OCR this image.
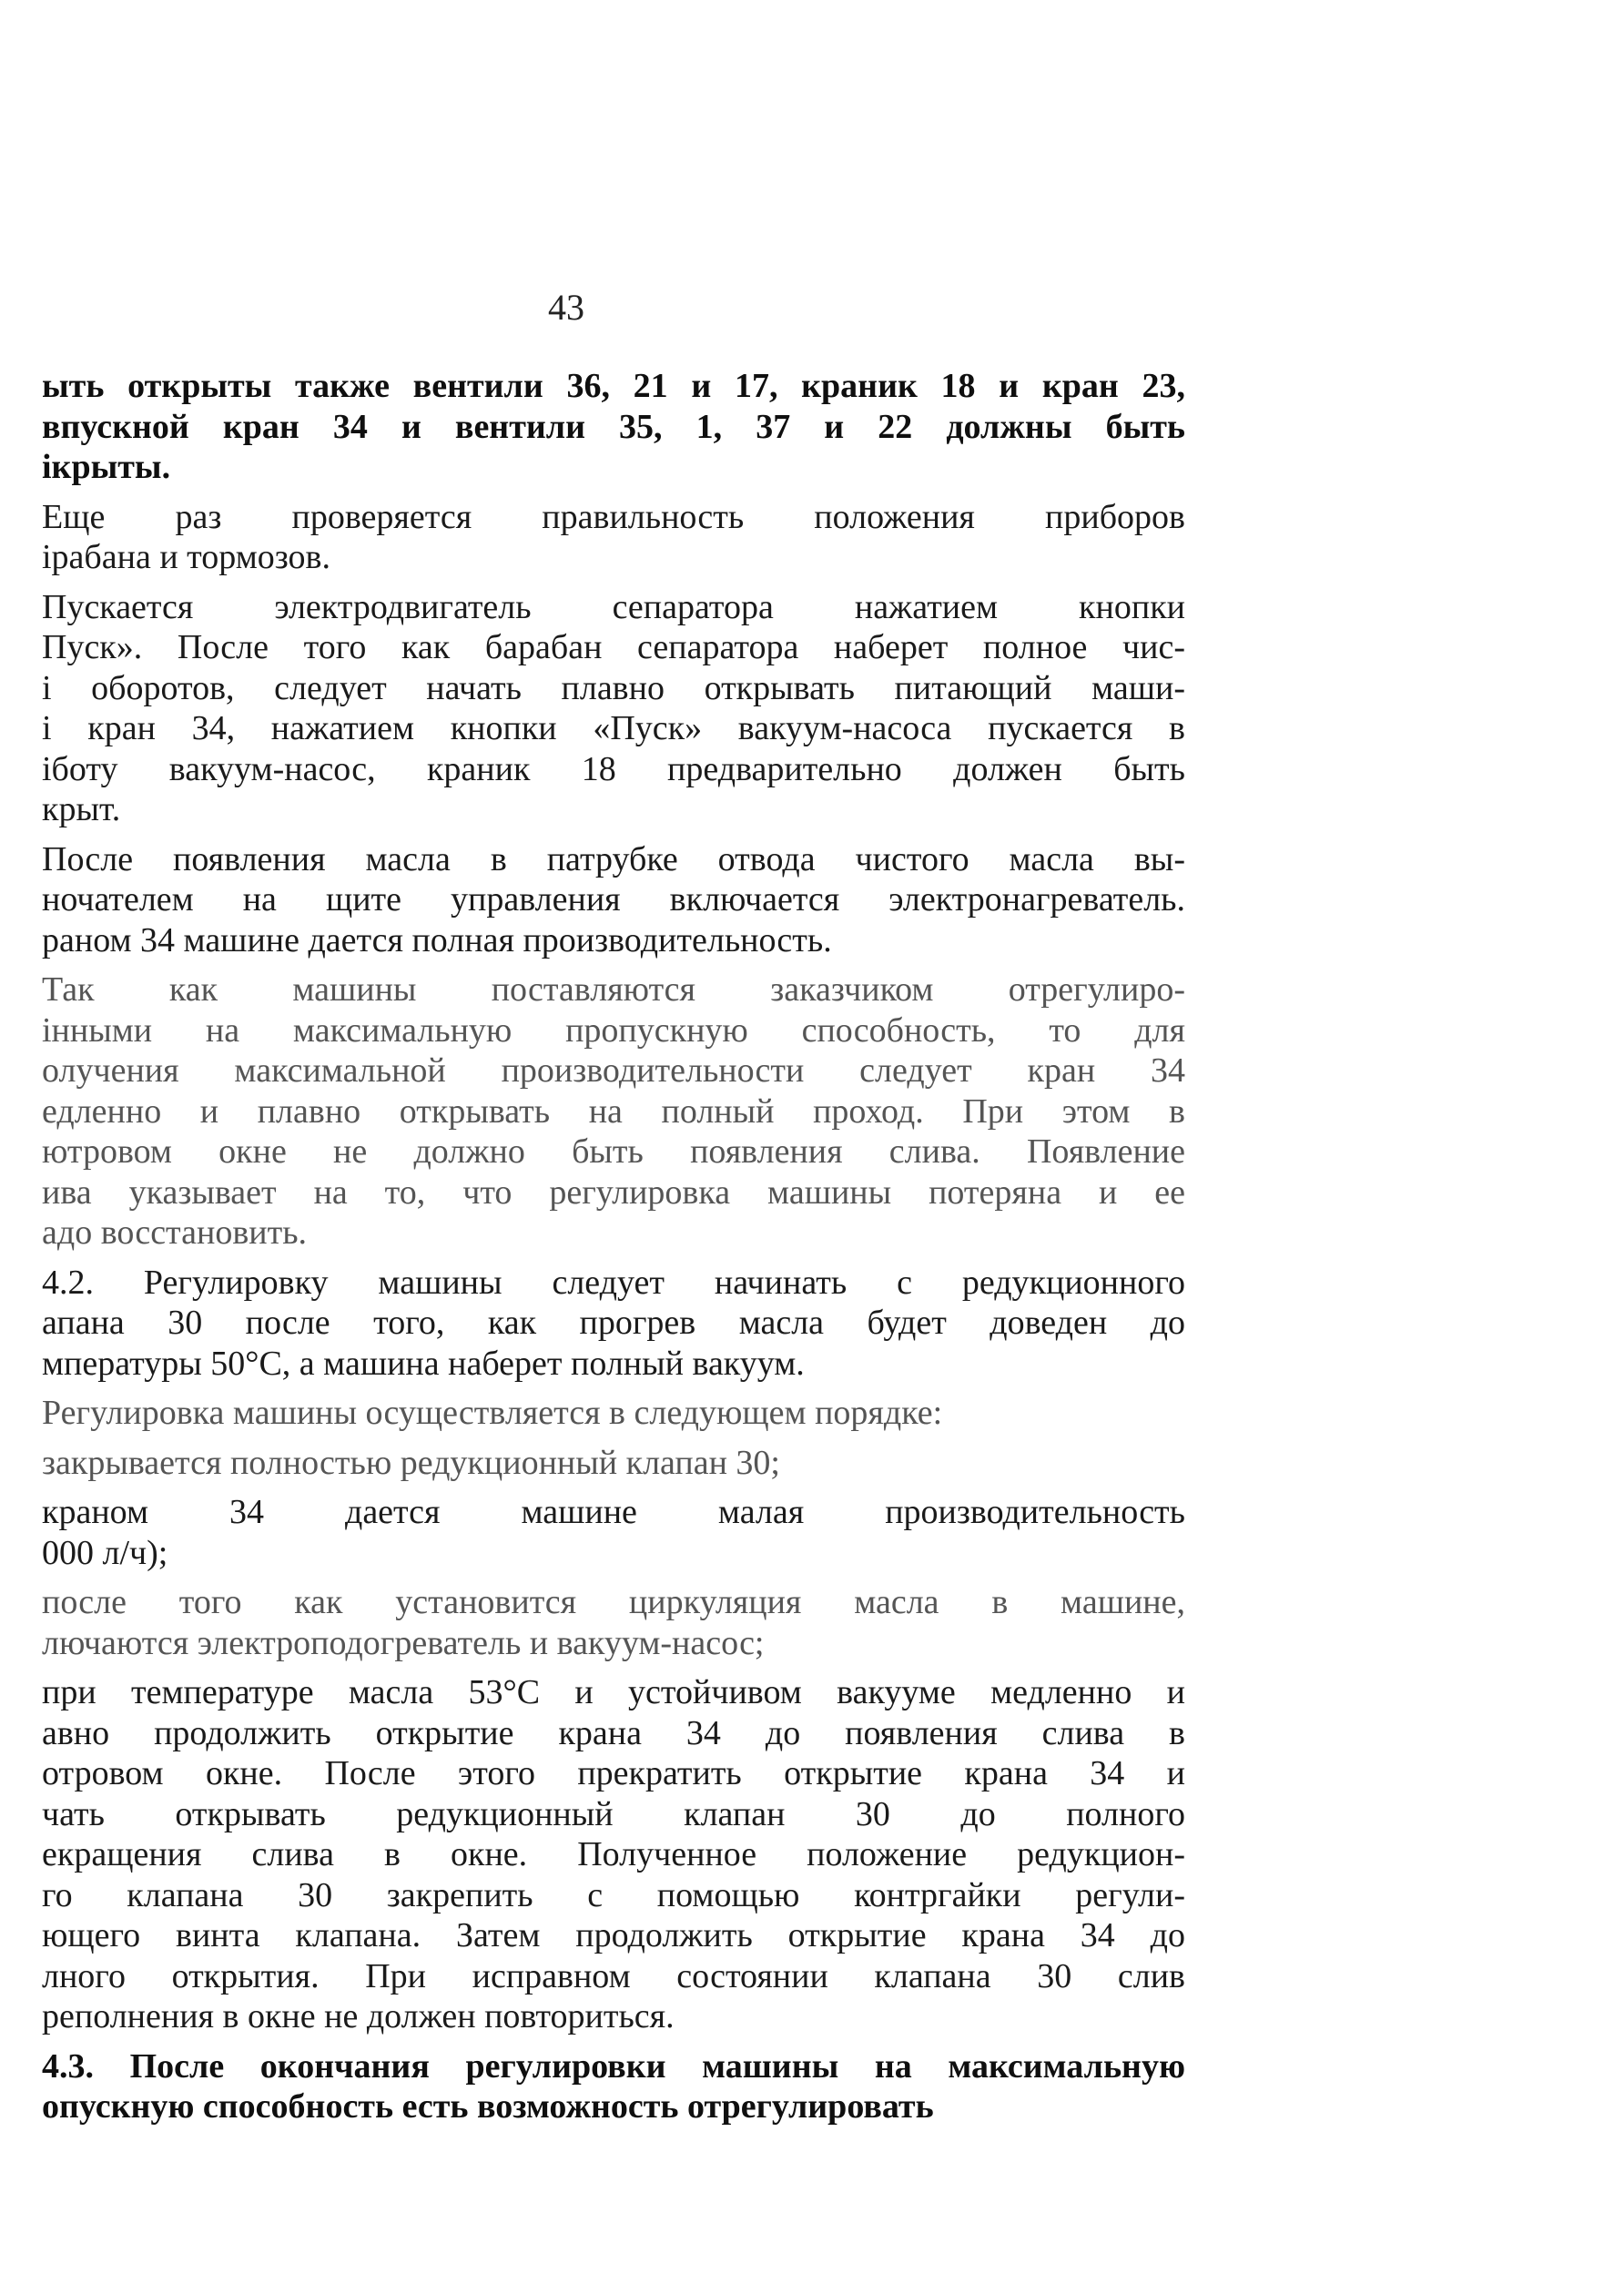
43
ыть открыты также вентили 36, 21 и 17, краник 18 и кран 23,
впускной кран 34 и вентили 35, 1, 37 и 22 должны быть
ікрыты.
Еще раз проверяется правильность положения приборов
ірабана и тормозов.
Пускается электродвигатель сепаратора нажатием кнопки
Пуск». После того как барабан сепаратора наберет полное чис-
і оборотов, следует начать плавно открывать питающий маши-
і кран 34, нажатием кнопки «Пуск» вакуум-насоса пускается в
іботу вакуум-насос, краник 18 предварительно должен быть
крыт.
После появления масла в патрубке отвода чистого масла вы-
ночателем на щите управления включается электронагреватель.
раном 34 машине дается полная производительность.
Так как машины поставляются заказчиком отрегулиро-
інными на максимальную пропускную способность, то для
олучения максимальной производительности следует кран 34
едленно и плавно открывать на полный проход. При этом в
ютровом окне не должно быть появления слива. Появление
ива указывает на то, что регулировка машины потеряна и ее
адо восстановить.
4.2. Регулировку машины следует начинать с редукционного
апана 30 после того, как прогрев масла будет доведен до
мпературы 50°С, а машина наберет полный вакуум.
Регулировка машины осуществляется в следующем порядке:
закрывается полностью редукционный клапан 30;
краном 34 дается машине малая производительность
000 л/ч);
после того как установится циркуляция масла в машине,
лючаются электроподогреватель и вакуум-насос;
при температуре масла 53°С и устойчивом вакууме медленно и
авно продолжить открытие крана 34 до появления слива в
отровом окне. После этого прекратить открытие крана 34 и
чать открывать редукционный клапан 30 до полного
екращения слива в окне. Полученное положение редукцион-
го клапана 30 закрепить с помощью контргайки регули-
ющего винта клапана. Затем продолжить открытие крана 34 до
лного открытия. При исправном состоянии клапана 30 слив
реполнения в окне не должен повториться.
4.3. После окончания регулировки машины на максимальную
опускную способность есть возможность отрегулировать
